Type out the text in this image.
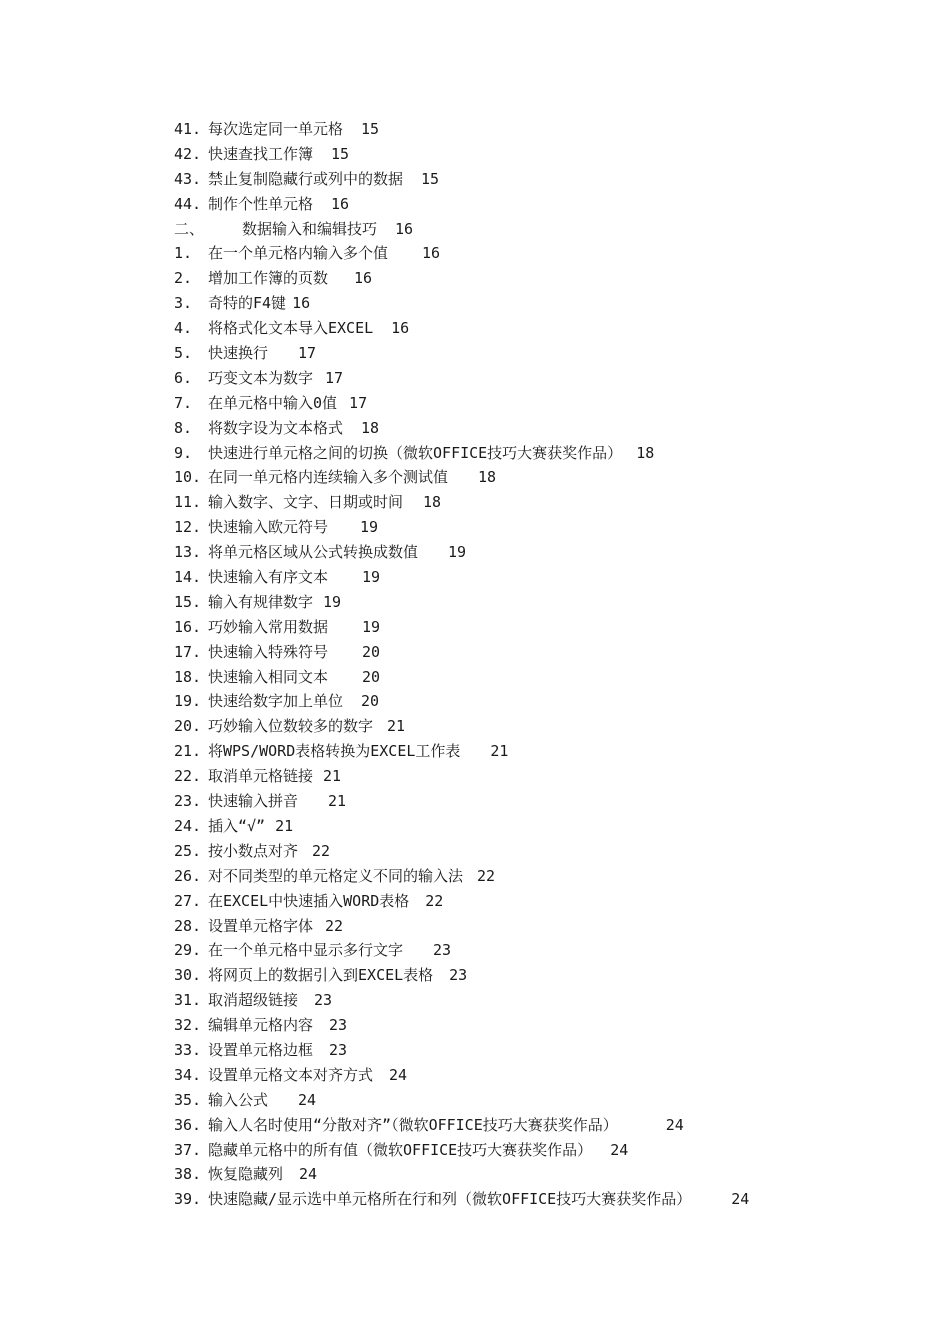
41. 每次选定同一单元格 15
42. 快速查找工作簿 15
43. 禁止复制隐藏行或列中的数据 15
44. 制作个性单元格 16
二、	数据输入和编辑技巧 16
1. 在一个单元格内输入多个值 16
2. 增加工作簿的页数 16
3. 奇特的F4键 16
4. 将格式化文本导入EXCEL 16
5. 快速换行 17
6. 巧变文本为数字 17
7. 在单元格中输入0值 17
8. 将数字设为文本格式 18
9. 快速进行单元格之间的切换（微软OFFICE技巧大赛获奖作品） 18
10. 在同一单元格内连续输入多个测试值 18
11. 输入数字、文字、日期或时间 18
12. 快速输入欧元符号 19
13. 将单元格区域从公式转换成数值 19
14. 快速输入有序文本 19
15. 输入有规律数字 19
16. 巧妙输入常用数据 19
17. 快速输入特殊符号 20
18. 快速输入相同文本 20
19. 快速给数字加上单位 20
20. 巧妙输入位数较多的数字 21
21. 将WPS/WORD表格转换为EXCEL工作表 21
22. 取消单元格链接 21
23. 快速输入拼音 21
24. 插入“√” 21
25. 按小数点对齐 22
26. 对不同类型的单元格定义不同的输入法 22
27. 在EXCEL中快速插入WORD表格 22
28. 设置单元格字体 22
29. 在一个单元格中显示多行文字 23
30. 将网页上的数据引入到EXCEL表格 23
31. 取消超级链接 23
32. 编辑单元格内容 23
33. 设置单元格边框 23
34. 设置单元格文本对齐方式 24
35. 输入公式 24
36. 输入人名时使用“分散对齐”（微软OFFICE技巧大赛获奖作品）	24
37. 隐藏单元格中的所有值（微软OFFICE技巧大赛获奖作品） 24
38. 恢复隐藏列 24
39. 快速隐藏/显示选中单元格所在行和列（微软OFFICE技巧大赛获奖作品）	24
